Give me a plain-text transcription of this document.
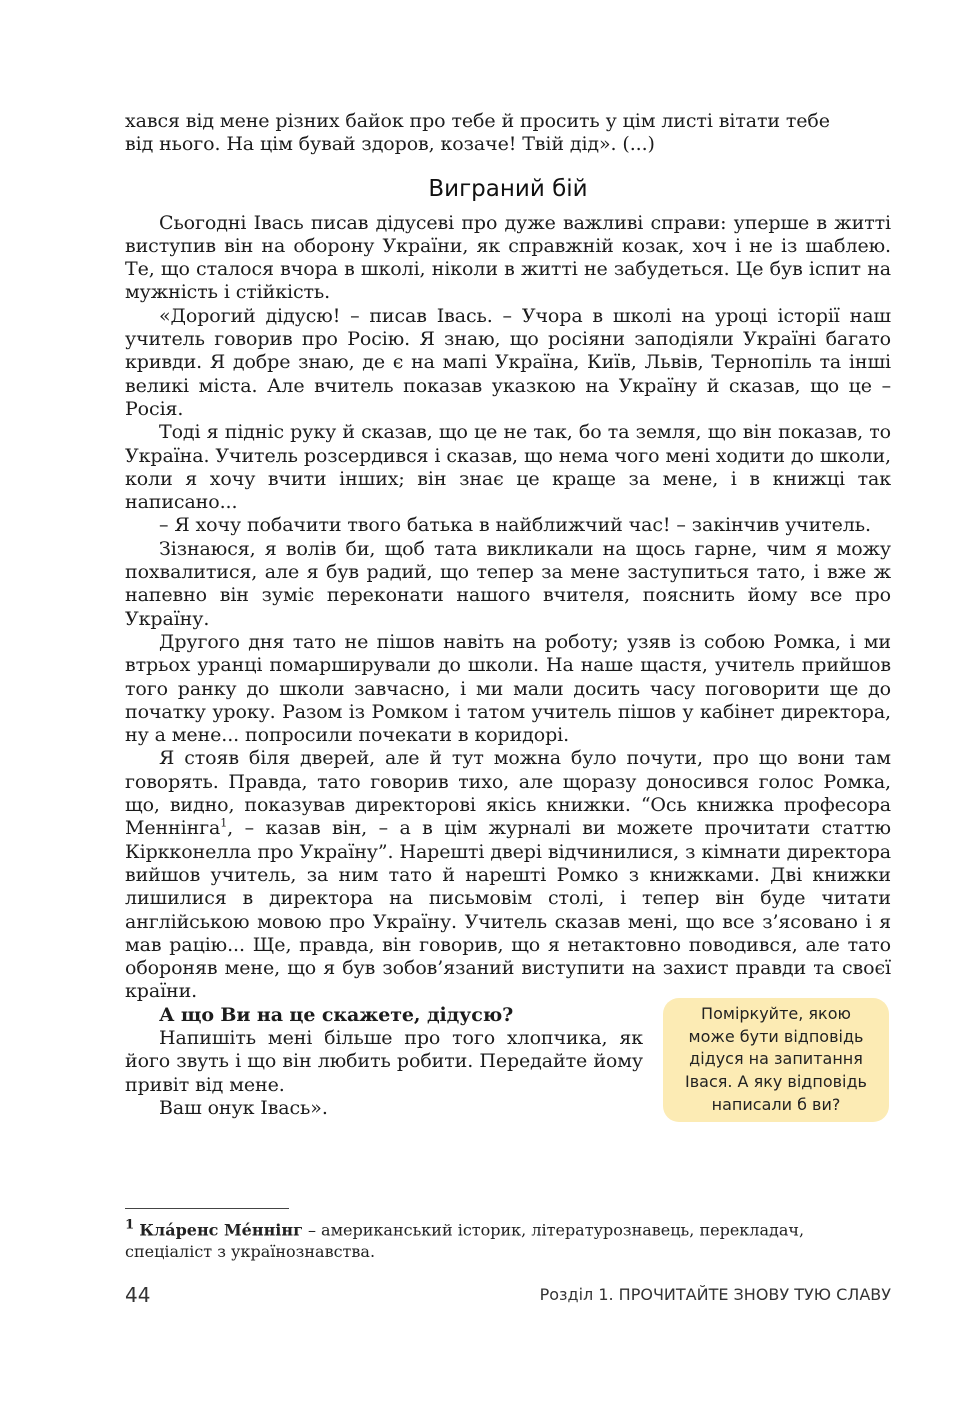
хався від мене різних байок про тебе й просить у цім листі вітати тебе
від нього. На цім бувай здоров, козаче! Твій дід». (...)

Виграний бій

Сьогодні Івась писав дідусеві про дуже важливі справи: уперше в житті виступив він на оборону України, як справжній козак, хоч і не із шаблею. Те, що сталося вчора в школі, ніколи в житті не забудеться. Це був іспит на мужність і стійкість.

«Дорогий дідусю! – писав Івась. – Учора в школі на уроці історії наш учитель говорив про Росію. Я знаю, що росіяни заподіяли Україні багато кривди. Я добре знаю, де є на мапі Україна, Київ, Львів, Тернопіль та інші великі міста. Але вчитель показав указкою на Україну й сказав, що це – Росія.

Тоді я підніс руку й сказав, що це не так, бо та земля, що він показав, то Україна. Учитель розсердився і сказав, що нема чого мені ходити до школи, коли я хочу вчити інших; він знає це краще за мене, і в книжці так написано...

– Я хочу побачити твого батька в найближчий час! – закінчив учитель.

Зізнаюся, я волів би, щоб тата викликали на щось гарне, чим я можу похвалитися, але я був радий, що тепер за мене заступиться тато, і вже ж напевно він зуміє переконати нашого вчителя, пояснить йому все про Україну.

Другого дня тато не пішов навіть на роботу; узяв із собою Ромка, і ми втрьох уранці помарширували до школи. На наше щастя, учитель прийшов того ранку до школи завчасно, і ми мали досить часу поговорити ще до початку уроку. Разом із Ромком і татом учитель пішов у кабінет директора, ну а мене... попросили почекати в коридорі.

Я стояв біля дверей, але й тут можна було почути, про що вони там говорять. Правда, тато говорив тихо, але щоразу доносився голос Ромка, що, видно, показував директорові якісь книжки. “Ось книжка професора Меннінга$^1$, – казав він, – а в цім журналі ви можете прочитати статтю Кіркконелла про Україну”. Нарешті двері відчинилися, з кімнати директора вийшов учитель, за ним тато й нарешті Ромко з книжками. Дві книжки лишилися в директора на письмовім столі, і тепер він буде читати англійською мовою про Україну. Учитель сказав мені, що все з’ясовано і я мав рацію... Ще, правда, він говорив, що я нетактовно поводився, але тато обороняв мене, що я був зобов’язаний виступити на захист правди та своєї країни.

А що Ви на це скажете, дідусю?

Напишіть мені більше про того хлопчика, як його звуть і що він любить робити. Передайте йому привіт від мене.

Ваш онук Івась».

Поміркуйте, якою може бути відповідь дідуся на запитання Івася. А яку відповідь написали б ви?
$^1$ Кла́ренс Ме́ннінг – американський історик, літературознавець, перекладач, спеціаліст з українознавства.
44	Розділ 1. ПРОЧИТАЙТЕ ЗНОВУ ТУЮ СЛАВУ
